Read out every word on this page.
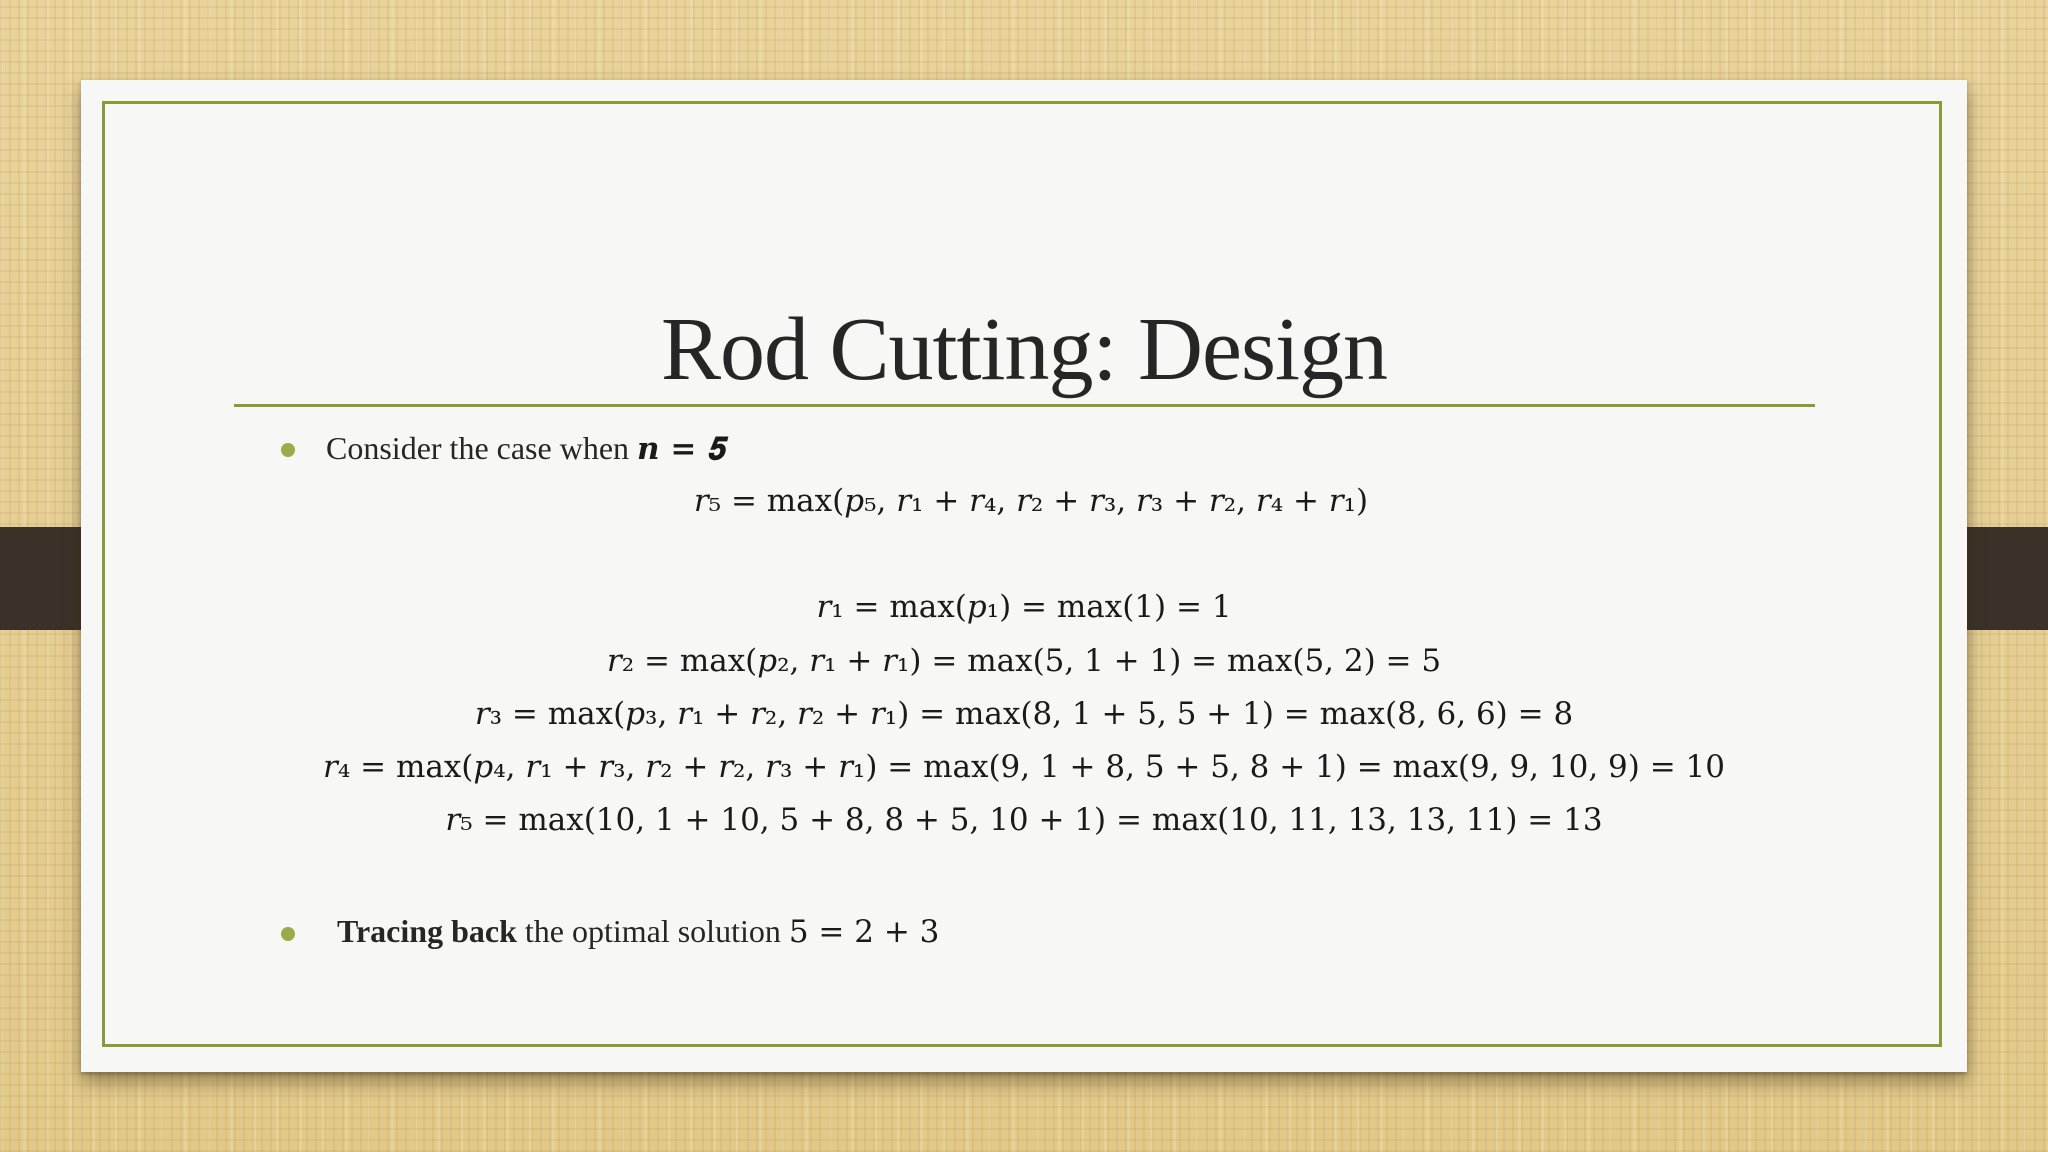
Rod Cutting: Design
Consider the case when 𝒏 = 𝟓
𝑟₅ = max(𝑝₅, 𝑟₁ + 𝑟₄, 𝑟₂ + 𝑟₃, 𝑟₃ + 𝑟₂, 𝑟₄ + 𝑟₁)
𝑟₁ = max(𝑝₁) = max(1) = 1
𝑟₂ = max(𝑝₂, 𝑟₁ + 𝑟₁) = max(5, 1 + 1) = max(5, 2) = 5
𝑟₃ = max(𝑝₃, 𝑟₁ + 𝑟₂, 𝑟₂ + 𝑟₁) = max(8, 1 + 5, 5 + 1) = max(8, 6, 6) = 8
𝑟₄ = max(𝑝₄, 𝑟₁ + 𝑟₃, 𝑟₂ + 𝑟₂, 𝑟₃ + 𝑟₁) = max(9, 1 + 8, 5 + 5, 8 + 1) = max(9, 9, 10, 9) = 10
𝑟₅ = max(10, 1 + 10, 5 + 8, 8 + 5, 10 + 1) = max(10, 11, 13, 13, 11) = 13
Tracing back the optimal solution 5 = 2 + 3
